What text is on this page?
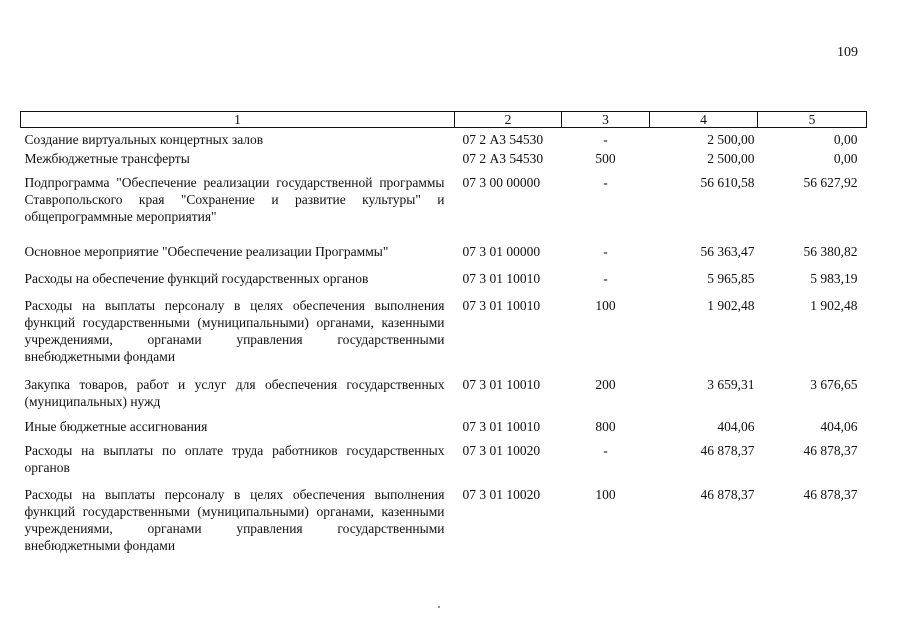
109
1	2	3	4	5
Создание виртуальных концертных залов	07 2 А3 54530	-	2 500,00	0,00
Межбюджетные трансферты	07 2 А3 54530	500	2 500,00	0,00
Подпрограмма "Обеспечение реализации государственной программы Ставропольского края "Сохранение и развитие культуры" и общепрограммные мероприятия"	07 3 00 00000	-	56 610,58	56 627,92
Основное мероприятие "Обеспечение реализации Программы"	07 3 01 00000	-	56 363,47	56 380,82
Расходы на обеспечение функций государственных органов	07 3 01 10010	-	5 965,85	5 983,19
Расходы на выплаты персоналу в целях обеспечения выполнения функций государственными (муниципальными) органами, казенными учреждениями, органами управления государственными внебюджетными фондами	07 3 01 10010	100	1 902,48	1 902,48
Закупка товаров, работ и услуг для обеспечения государственных (муниципальных) нужд	07 3 01 10010	200	3 659,31	3 676,65
Иные бюджетные ассигнования	07 3 01 10010	800	404,06	404,06
Расходы на выплаты по оплате труда работников государственных органов	07 3 01 10020	-	46 878,37	46 878,37
Расходы на выплаты персоналу в целях обеспечения выполнения функций государственными (муниципальными) органами, казенными учреждениями, органами управления государственными внебюджетными фондами	07 3 01 10020	100	46 878,37	46 878,37
